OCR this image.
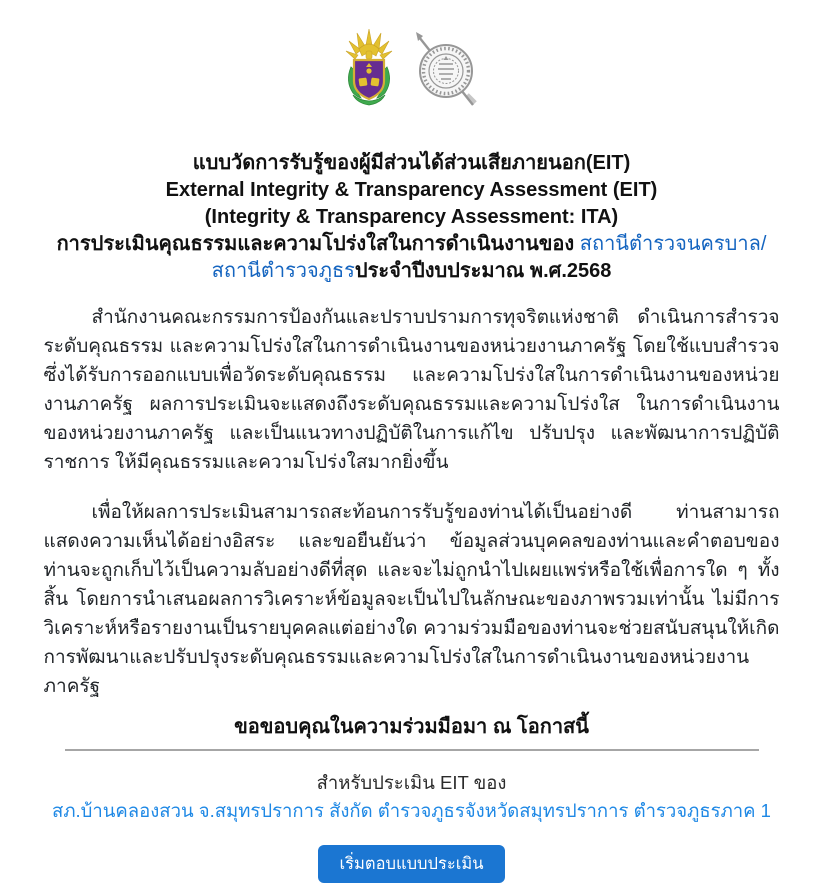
แบบวัดการรับรู้ของผู้มีส่วนได้ส่วนเสียภายนอก(EIT)
External Integrity & Transparency Assessment (EIT)
(Integrity & Transparency Assessment: ITA)
การประเมินคุณธรรมและความโปร่งใสในการดำเนินงานของ สถานีตำรวจนครบาล/สถานีตำรวจภูธรประจำปีงบประมาณ พ.ศ.2568

สำนักงานคณะกรรมการป้องกันและปราบปรามการทุจริตแห่งชาติ ดำเนินการสำรวจระดับคุณธรรม และความโปร่งใสในการดำเนินงานของหน่วยงานภาครัฐ โดยใช้แบบสำรวจซึ่งได้รับการออกแบบเพื่อวัดระดับคุณธรรม และความโปร่งใสในการดำเนินงานของหน่วยงานภาครัฐ ผลการประเมินจะแสดงถึงระดับคุณธรรมและความโปร่งใส ในการดำเนินงานของหน่วยงานภาครัฐ และเป็นแนวทางปฏิบัติในการแก้ไข ปรับปรุง และพัฒนาการปฏิบัติราชการ ให้มีคุณธรรมและความโปร่งใสมากยิ่งขึ้น

เพื่อให้ผลการประเมินสามารถสะท้อนการรับรู้ของท่านได้เป็นอย่างดี ท่านสามารถแสดงความเห็นได้อย่างอิสระ และขอยืนยันว่า ข้อมูลส่วนบุคคลของท่านและคำตอบของท่านจะถูกเก็บไว้เป็นความลับอย่างดีที่สุด และจะไม่ถูกนำไปเผยแพร่หรือใช้เพื่อการใด ๆ ทั้งสิ้น โดยการนำเสนอผลการวิเคราะห์ข้อมูลจะเป็นไปในลักษณะของภาพรวมเท่านั้น ไม่มีการวิเคราะห์หรือรายงานเป็นรายบุคคลแต่อย่างใด ความร่วมมือของท่านจะช่วยสนับสนุนให้เกิดการพัฒนาและปรับปรุงระดับคุณธรรมและความโปร่งใสในการดำเนินงานของหน่วยงานภาครัฐ

ขอขอบคุณในความร่วมมือมา ณ โอกาสนี้
สำหรับประเมิน EIT ของ
สภ.บ้านคลองสวน จ.สมุทรปราการ สังกัด ตำรวจภูธรจังหวัดสมุทรปราการ ตำรวจภูธรภาค 1
เริ่มตอบแบบประเมิน
